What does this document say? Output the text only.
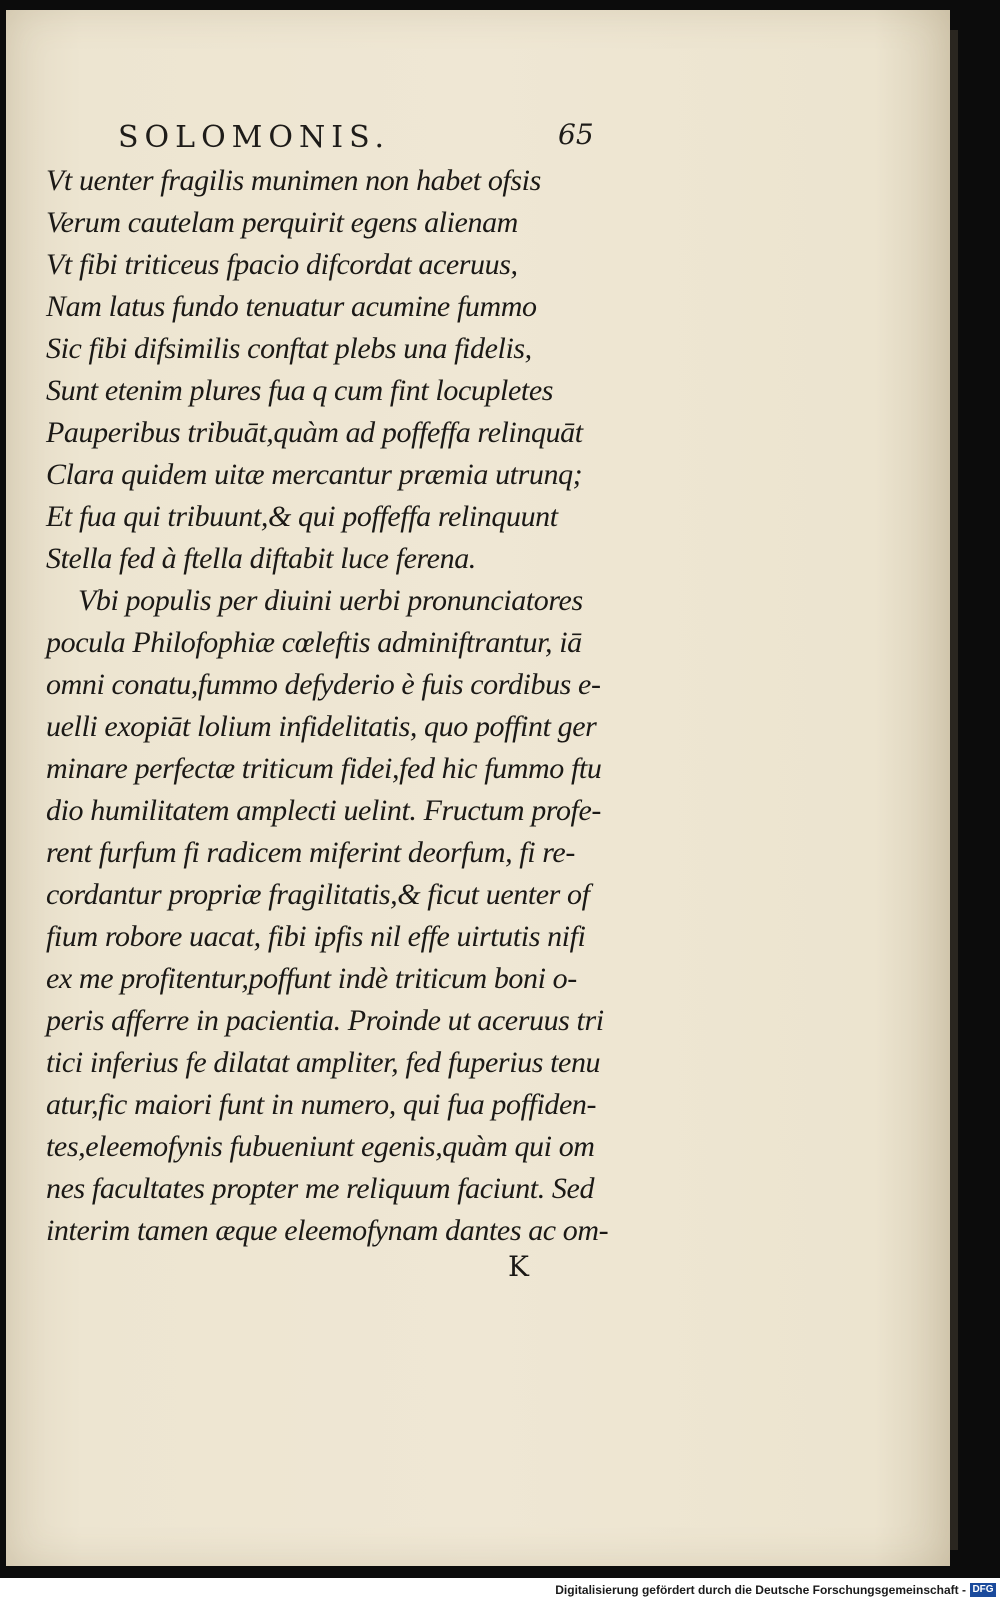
SOLOMONIS.	65
Vt uenter fragilis munimen non habet ofsis
Verum cautelam perquirit egens alienam
Vt fibi triticeus fpacio difcordat aceruus,
Nam latus fundo tenuatur acumine fummo
Sic fibi difsimilis conftat plebs una fidelis,
Sunt etenim plures fua q cum fint locupletes
Pauperibus tribuāt,quàm ad poffeffa relinquāt
Clara quidem uitæ mercantur præmia utrunq;
Et fua qui tribuunt,& qui poffeffa relinquunt
Stella fed à ftella diftabit luce ferena.
Vbi populis per diuini uerbi pronunciatores
pocula Philofophiæ cœleftis adminiftrantur, iā
omni conatu,fummo defyderio è fuis cordibus e-
uelli exopiāt lolium infidelitatis, quo poffint ger
minare perfectæ triticum fidei,fed hic fummo ftu
dio humilitatem amplecti uelint. Fructum profe-
rent furfum fi radicem miferint deorfum, fi re-
cordantur propriæ fragilitatis,& ficut uenter of
fium robore uacat, fibi ipfis nil effe uirtutis nifi
ex me profitentur,poffunt indè triticum boni o-
peris afferre in pacientia. Proinde ut aceruus tri
tici inferius fe dilatat ampliter, fed fuperius tenu
atur,fic maiori funt in numero, qui fua poffiden-
tes,eleemofynis fubueniunt egenis,quàm qui om
nes facultates propter me reliquum faciunt. Sed
interim tamen æque eleemofynam dantes ac om-
K
Digitalisierung gefördert durch die Deutsche Forschungsgemeinschaft - DFG
